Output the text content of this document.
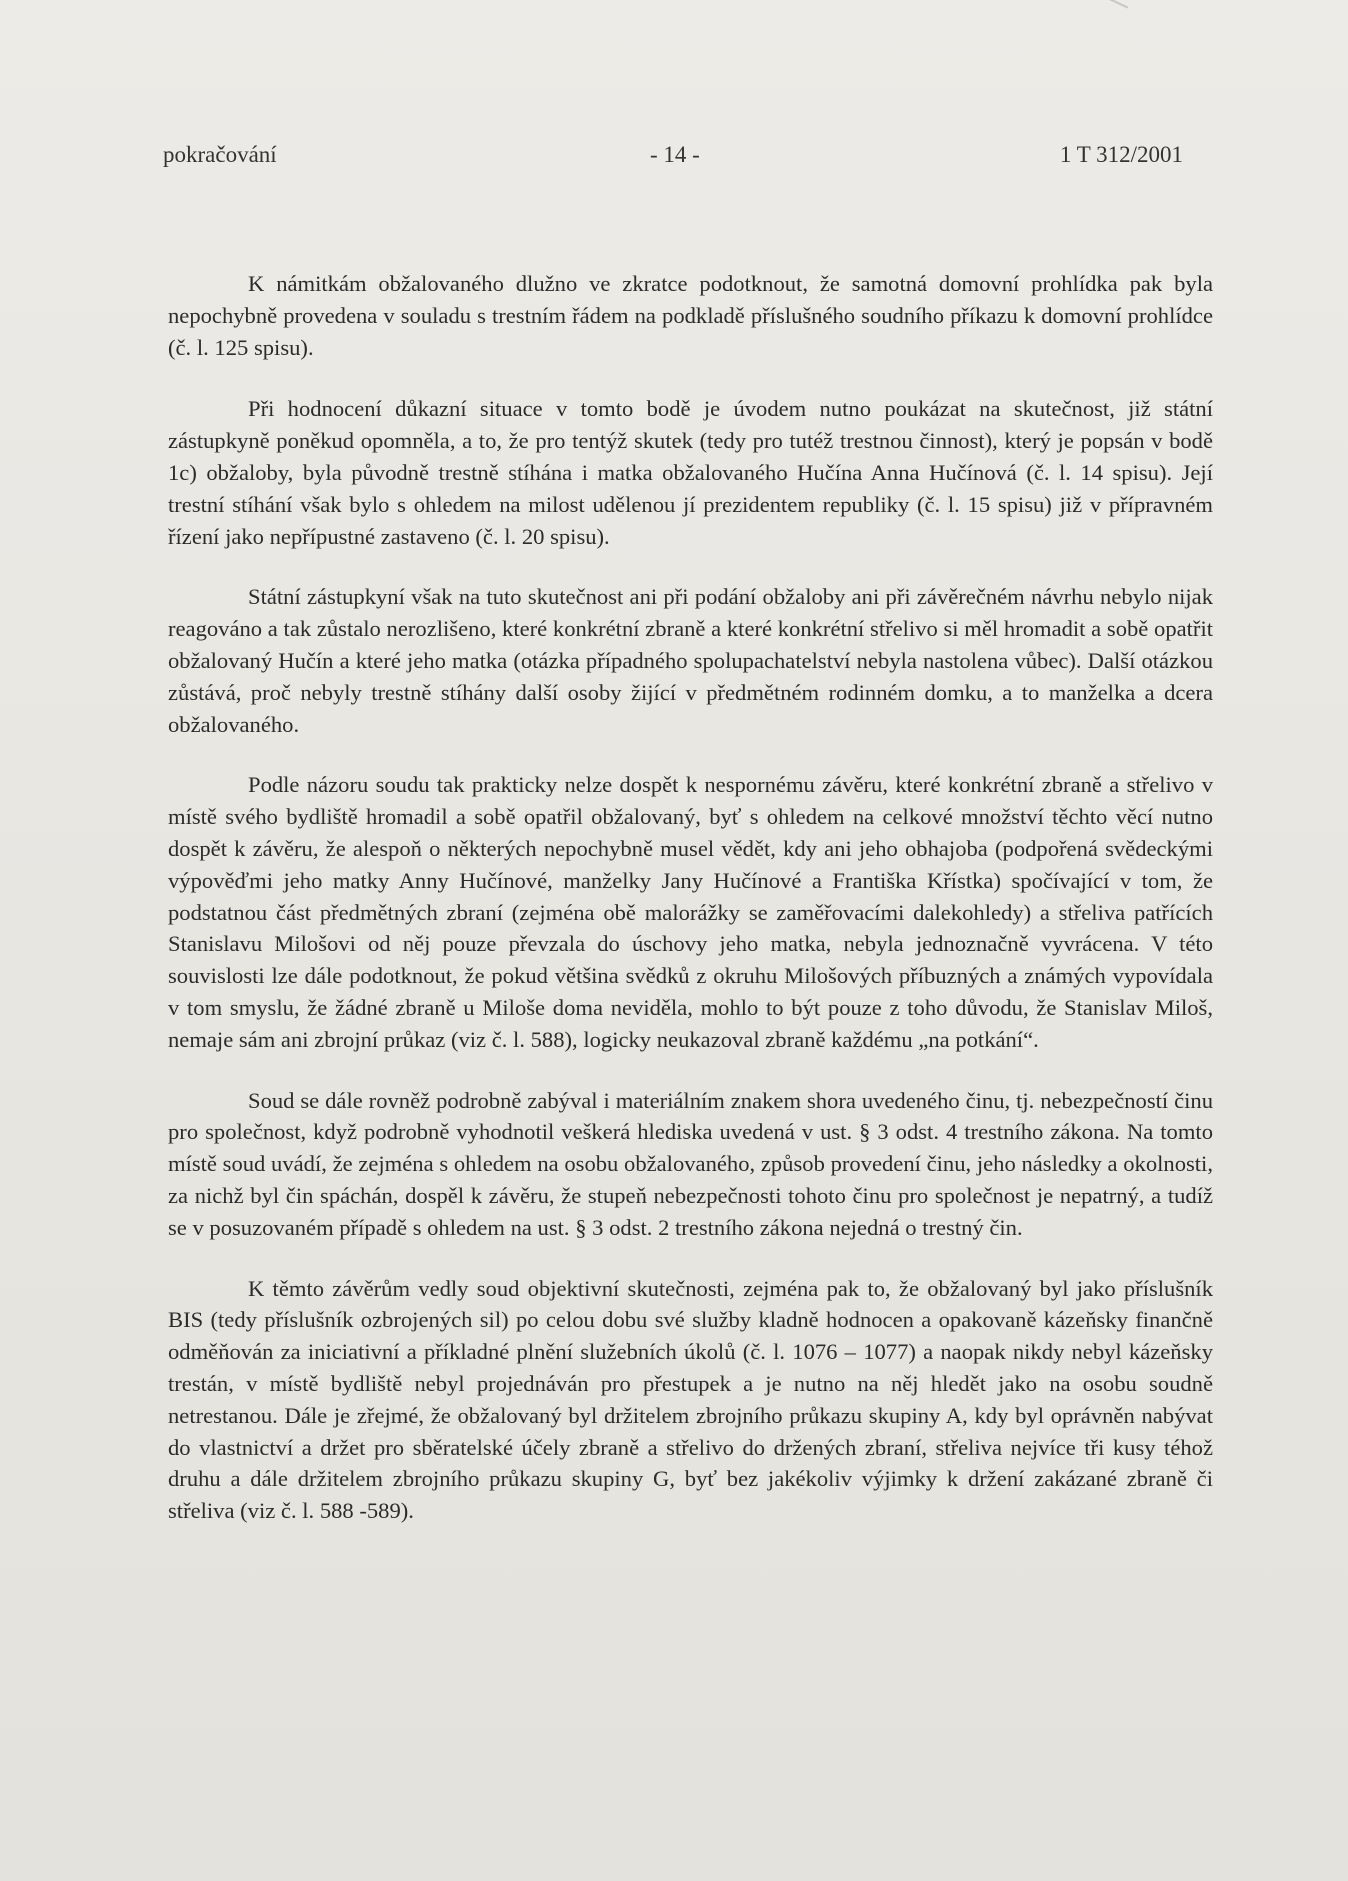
pokračování	- 14 -	1 T 312/2001

K námitkám obžalovaného dlužno ve zkratce podotknout, že samotná domovní prohlídka pak byla nepochybně provedena v souladu s trestním řádem na podkladě příslušného soudního příkazu k domovní prohlídce (č. l. 125 spisu).

Při hodnocení důkazní situace v tomto bodě je úvodem nutno poukázat na skutečnost, již státní zástupkyně poněkud opomněla, a to, že pro tentýž skutek (tedy pro tutéž trestnou činnost), který je popsán v bodě 1c) obžaloby, byla původně trestně stíhána i matka obžalovaného Hučína Anna Hučínová (č. l. 14 spisu). Její trestní stíhání však bylo s ohledem na milost udělenou jí prezidentem republiky (č. l. 15 spisu) již v přípravném řízení jako nepřípustné zastaveno (č. l. 20 spisu).

Státní zástupkyní však na tuto skutečnost ani při podání obžaloby ani při závěrečném návrhu nebylo nijak reagováno a tak zůstalo nerozlišeno, které konkrétní zbraně a které konkrétní střelivo si měl hromadit a sobě opatřit obžalovaný Hučín a které jeho matka (otázka případného spolupachatelství nebyla nastolena vůbec). Další otázkou zůstává, proč nebyly trestně stíhány další osoby žijící v předmětném rodinném domku, a to manželka a dcera obžalovaného.

Podle názoru soudu tak prakticky nelze dospět k nespornému závěru, které konkrétní zbraně a střelivo v místě svého bydliště hromadil a sobě opatřil obžalovaný, byť s ohledem na celkové množství těchto věcí nutno dospět k závěru, že alespoň o některých nepochybně musel vědět, kdy ani jeho obhajoba (podpořená svědeckými výpověďmi jeho matky Anny Hučínové, manželky Jany Hučínové a Františka Křístka) spočívající v tom, že podstatnou část předmětných zbraní (zejména obě malorážky se zaměřovacími dalekohledy) a střeliva patřících Stanislavu Milošovi od něj pouze převzala do úschovy jeho matka, nebyla jednoznačně vyvrácena. V této souvislosti lze dále podotknout, že pokud většina svědků z okruhu Milošových příbuzných a známých vypovídala v tom smyslu, že žádné zbraně u Miloše doma neviděla, mohlo to být pouze z toho důvodu, že Stanislav Miloš, nemaje sám ani zbrojní průkaz (viz č. l. 588), logicky neukazoval zbraně každému „na potkání“.

Soud se dále rovněž podrobně zabýval i materiálním znakem shora uvedeného činu, tj. nebezpečností činu pro společnost, když podrobně vyhodnotil veškerá hlediska uvedená v ust. § 3 odst. 4 trestního zákona. Na tomto místě soud uvádí, že zejména s ohledem na osobu obžalovaného, způsob provedení činu, jeho následky a okolnosti, za nichž byl čin spáchán, dospěl k závěru, že stupeň nebezpečnosti tohoto činu pro společnost je nepatrný, a tudíž se v posuzovaném případě s ohledem na ust. § 3 odst. 2 trestního zákona nejedná o trestný čin.

K těmto závěrům vedly soud objektivní skutečnosti, zejména pak to, že obžalovaný byl jako příslušník BIS (tedy příslušník ozbrojených sil) po celou dobu své služby kladně hodnocen a opakovaně kázeňsky finančně odměňován za iniciativní a příkladné plnění služebních úkolů (č. l. 1076 – 1077) a naopak nikdy nebyl kázeňsky trestán, v místě bydliště nebyl projednáván pro přestupek a je nutno na něj hledět jako na osobu soudně netrestanou. Dále je zřejmé, že obžalovaný byl držitelem zbrojního průkazu skupiny A, kdy byl oprávněn nabývat do vlastnictví a držet pro sběratelské účely zbraně a střelivo do držených zbraní, střeliva nejvíce tři kusy téhož druhu a dále držitelem zbrojního průkazu skupiny G, byť bez jakékoliv výjimky k držení zakázané zbraně či střeliva (viz č. l. 588 -589).
